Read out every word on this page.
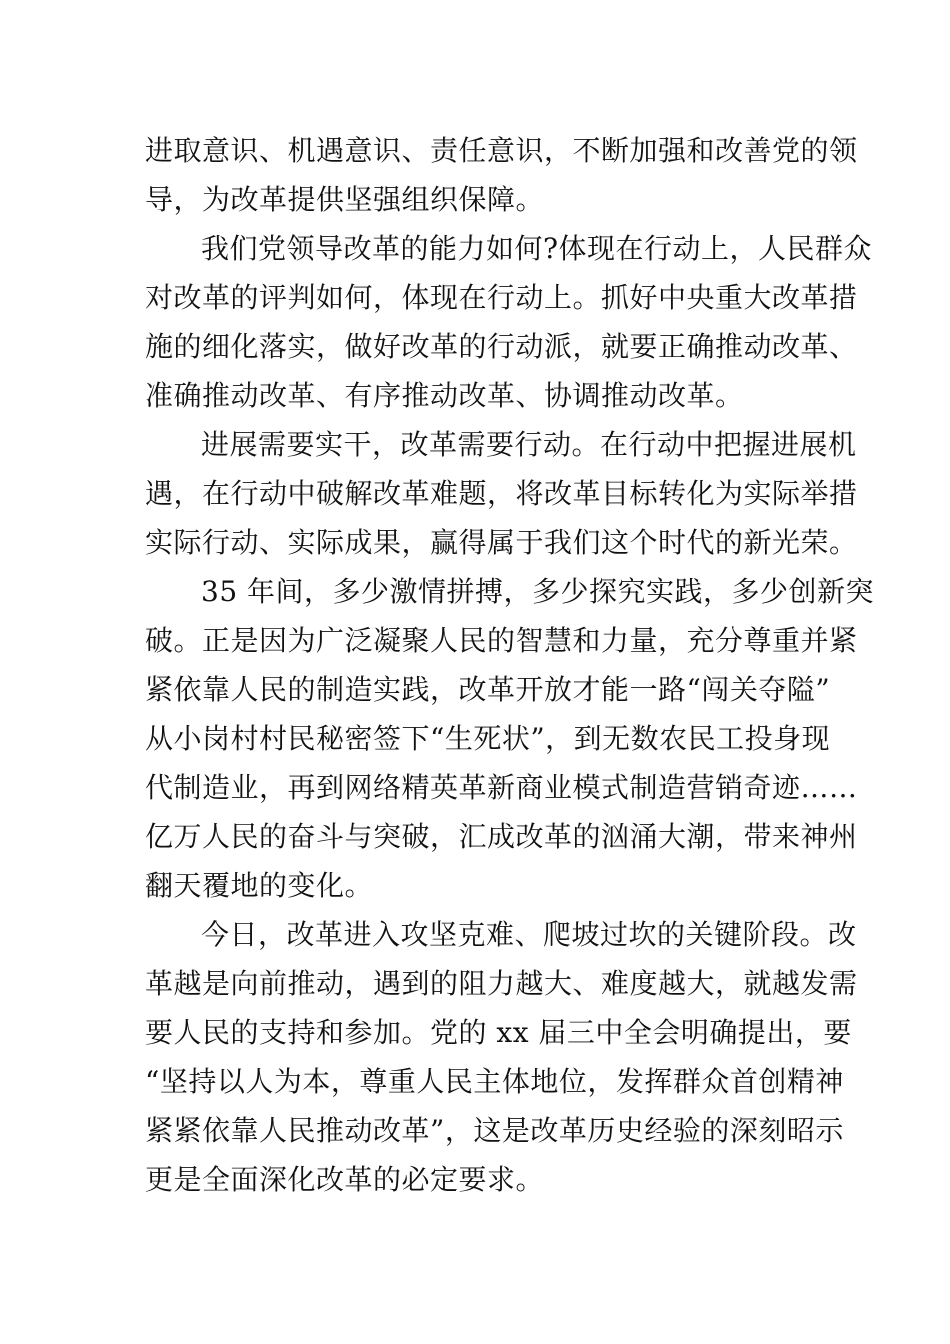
进取意识、机遇意识、责任意识，不断加强和改善党的领
导，为改革提供坚强组织保障。
我们党领导改革的能力如何?体现在行动上，人民群众
对改革的评判如何，体现在行动上。抓好中央重大改革措
施的细化落实，做好改革的行动派，就要正确推动改革、
准确推动改革、有序推动改革、协调推动改革。
进展需要实干，改革需要行动。在行动中把握进展机
遇，在行动中破解改革难题，将改革目标转化为实际举措
实际行动、实际成果，赢得属于我们这个时代的新光荣。
35 年间，多少激情拼搏，多少探究实践，多少创新突
破。正是因为广泛凝聚人民的智慧和力量，充分尊重并紧
紧依靠人民的制造实践，改革开放才能一路“闯关夺隘”
从小岗村村民秘密签下“生死状”，到无数农民工投身现
代制造业，再到网络精英革新商业模式制造营销奇迹……
亿万人民的奋斗与突破，汇成改革的汹涌大潮，带来神州
翻天覆地的变化。
今日，改革进入攻坚克难、爬坡过坎的关键阶段。改
革越是向前推动，遇到的阻力越大、难度越大，就越发需
要人民的支持和参加。党的 xx 届三中全会明确提出，要
“坚持以人为本，尊重人民主体地位，发挥群众首创精神
紧紧依靠人民推动改革”，这是改革历史经验的深刻昭示
更是全面深化改革的必定要求。
